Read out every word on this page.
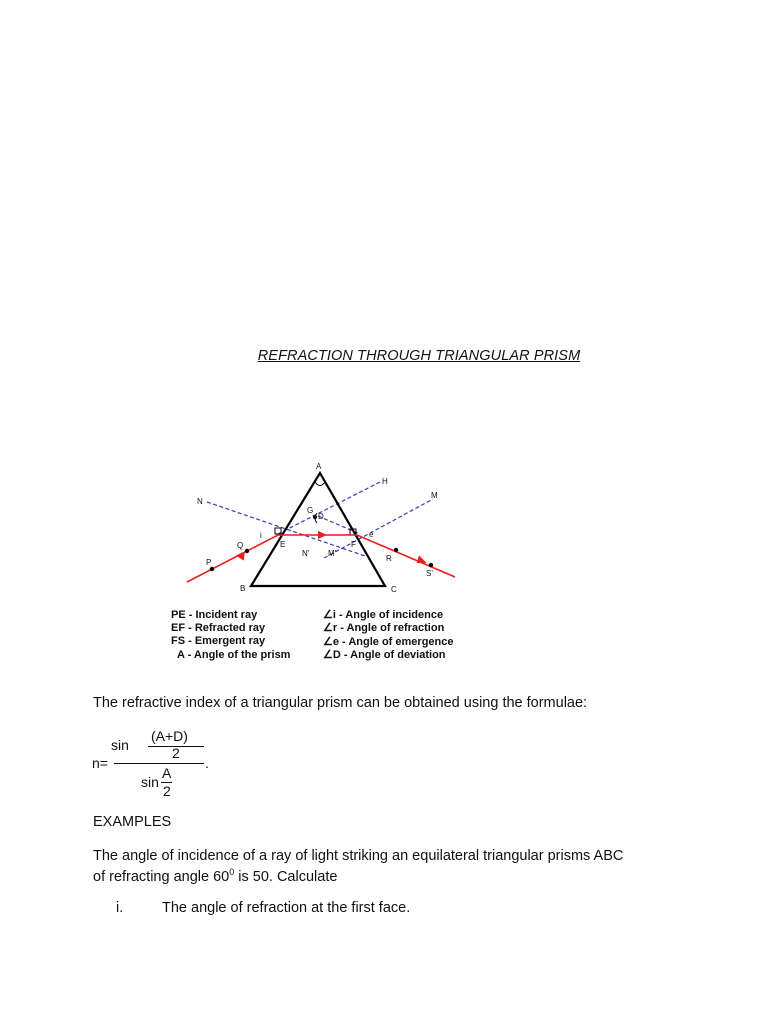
REFRACTION THROUGH TRIANGULAR PRISM
A
H
M
N
G
D
i	e
E	F
N' M'
Q
P	R
S'
B	C
PE - Incident ray
EF - Refracted ray
FS - Emergent ray
A - Angle of the prism
∠i - Angle of incidence
∠r - Angle of refraction
∠e - Angle of emergence
∠D - Angle of deviation
The refractive index of a triangular prism can be obtained using the formulae:
sin
(A+D)
2
n=	.
sin
A
2
EXAMPLES
The angle of incidence of a ray of light striking an equilateral triangular prisms ABC
of refracting angle $60^0$ is 50. Calculate
i.	The angle of refraction at the first face.
